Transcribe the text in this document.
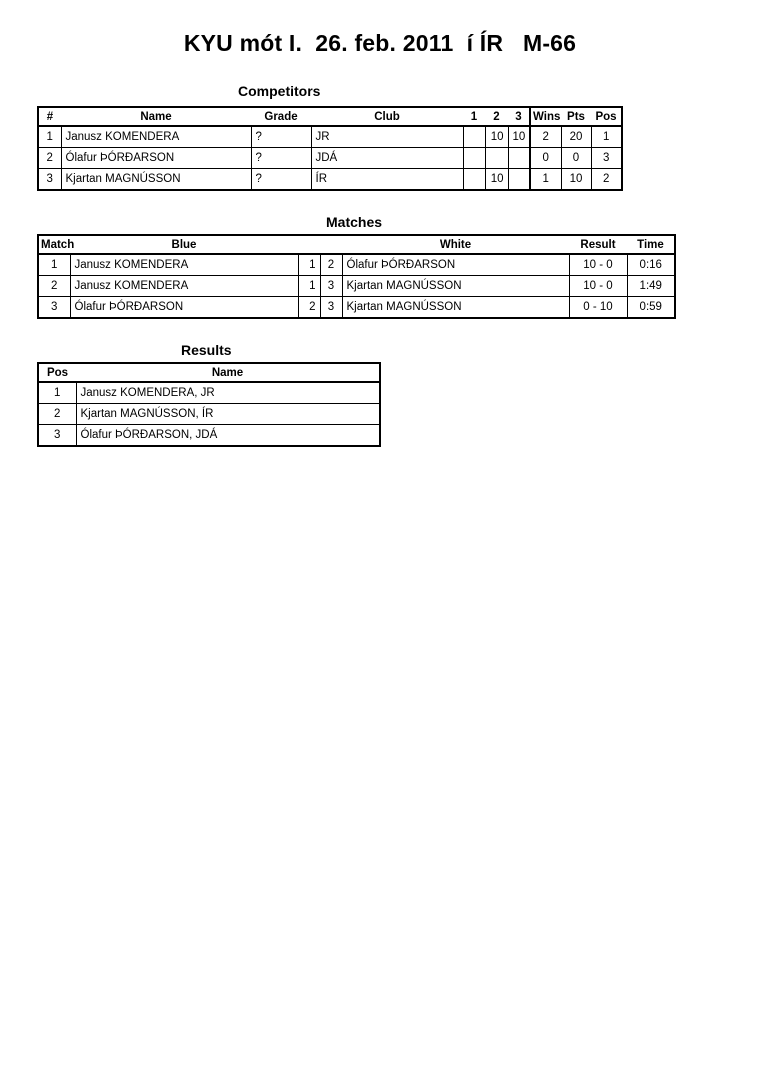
KYU mót I.  26. feb. 2011  í ÍR   M-66
Competitors
#	Name	Grade	Club	1	2	3	Wins	Pts	Pos
1	Janusz KOMENDERA	?	JR		10	10	2	20	1
2	Ólafur ÞÓRÐARSON	?	JDÁ				0	0	3
3	Kjartan MAGNÚSSON	?	ÍR		10		1	10	2
Matches
Match	Blue			White	Result	Time
1	Janusz KOMENDERA	1	2	Ólafur ÞÓRÐARSON	10 - 0	0:16
2	Janusz KOMENDERA	1	3	Kjartan MAGNÚSSON	10 - 0	1:49
3	Ólafur ÞÓRÐARSON	2	3	Kjartan MAGNÚSSON	0 - 10	0:59
Results
Pos	Name
1	Janusz KOMENDERA, JR
2	Kjartan MAGNÚSSON, ÍR
3	Ólafur ÞÓRÐARSON, JDÁ
